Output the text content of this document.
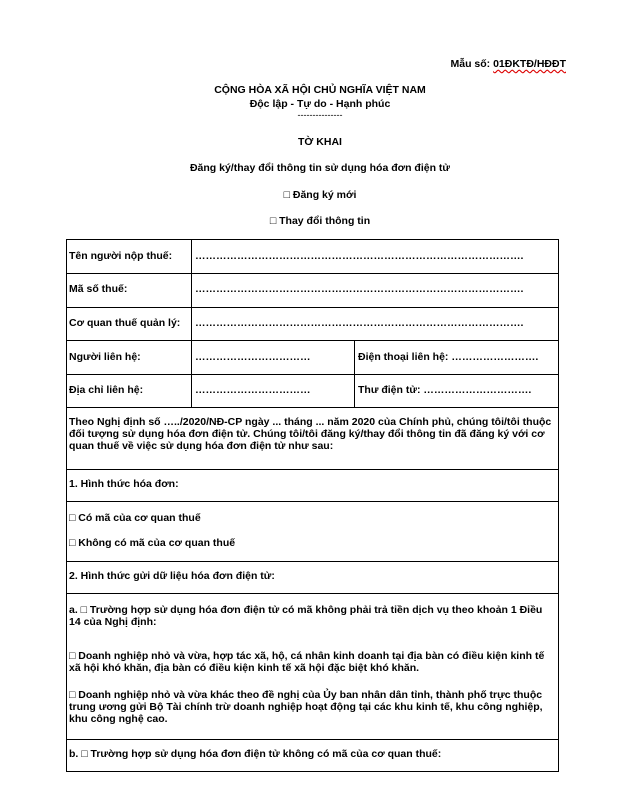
Mẫu số: 01ĐKTĐ/HĐĐT
CỘNG HÒA XÃ HỘI CHỦ NGHĨA VIỆT NAM
Độc lập - Tự do - Hạnh phúc
---------------
TỜ KHAI
Đăng ký/thay đổi thông tin sử dụng hóa đơn điện tử
□ Đăng ký mới
□ Thay đổi thông tin
Tên người nộp thuế: ………………………………………………………………………………….
Mã số thuế:	………………………………………………………………………………….
Cơ quan thuế quản lý: ………………………………………………………………………………….
Người liên hệ:	……………………………	Điện thoại liên hệ: …………………….
Địa chỉ liên hệ:	……………………………	Thư điện tử: ………………………….
Theo Nghị định số …../2020/NĐ-CP ngày ... tháng ... năm 2020 của Chính phủ, chúng tôi/tôi thuộc đối tượng sử dụng hóa đơn điện tử. Chúng tôi/tôi đăng ký/thay đổi thông tin đã đăng ký với cơ quan thuế về việc sử dụng hóa đơn điện tử như sau:
1. Hình thức hóa đơn:
□ Có mã của cơ quan thuế
□ Không có mã của cơ quan thuế
2. Hình thức gửi dữ liệu hóa đơn điện tử:
a. □ Trường hợp sử dụng hóa đơn điện tử có mã không phải trả tiền dịch vụ theo khoản 1 Điều 14 của Nghị định:
□ Doanh nghiệp nhỏ và vừa, hợp tác xã, hộ, cá nhân kinh doanh tại địa bàn có điều kiện kinh tế xã hội khó khăn, địa bàn có điều kiện kinh tế xã hội đặc biệt khó khăn.
□ Doanh nghiệp nhỏ và vừa khác theo đề nghị của Ủy ban nhân dân tỉnh, thành phố trực thuộc trung ương gửi Bộ Tài chính trừ doanh nghiệp hoạt động tại các khu kinh tế, khu công nghiệp, khu công nghệ cao.
b. □ Trường hợp sử dụng hóa đơn điện tử không có mã của cơ quan thuế:
